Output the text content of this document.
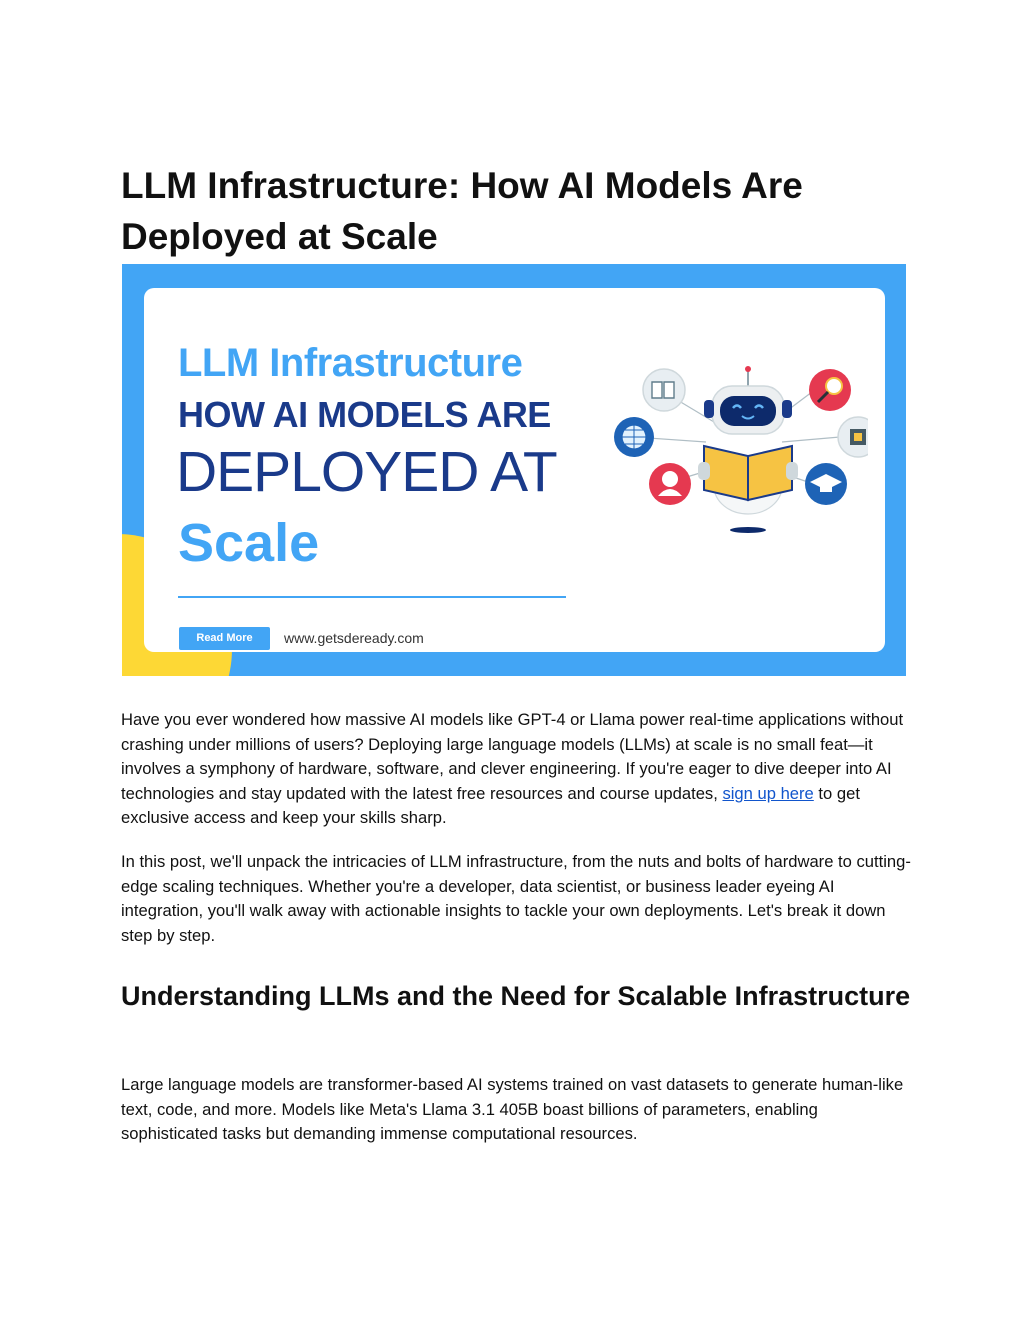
LLM Infrastructure: How AI Models Are Deployed at Scale
LLM Infrastructure
HOW AI MODELS ARE
DEPLOYED AT
Scale
Read More	www.getsdeready.com

Have you ever wondered how massive AI models like GPT-4 or Llama power real-time applications without crashing under millions of users? Deploying large language models (LLMs) at scale is no small feat—it involves a symphony of hardware, software, and clever engineering. If you're eager to dive deeper into AI technologies and stay updated with the latest free resources and course updates, sign up here to get exclusive access and keep your skills sharp.

In this post, we'll unpack the intricacies of LLM infrastructure, from the nuts and bolts of hardware to cutting-edge scaling techniques. Whether you're a developer, data scientist, or business leader eyeing AI integration, you'll walk away with actionable insights to tackle your own deployments. Let's break it down step by step.

Understanding LLMs and the Need for Scalable Infrastructure

Large language models are transformer-based AI systems trained on vast datasets to generate human-like text, code, and more. Models like Meta's Llama 3.1 405B boast billions of parameters, enabling sophisticated tasks but demanding immense computational resources.
